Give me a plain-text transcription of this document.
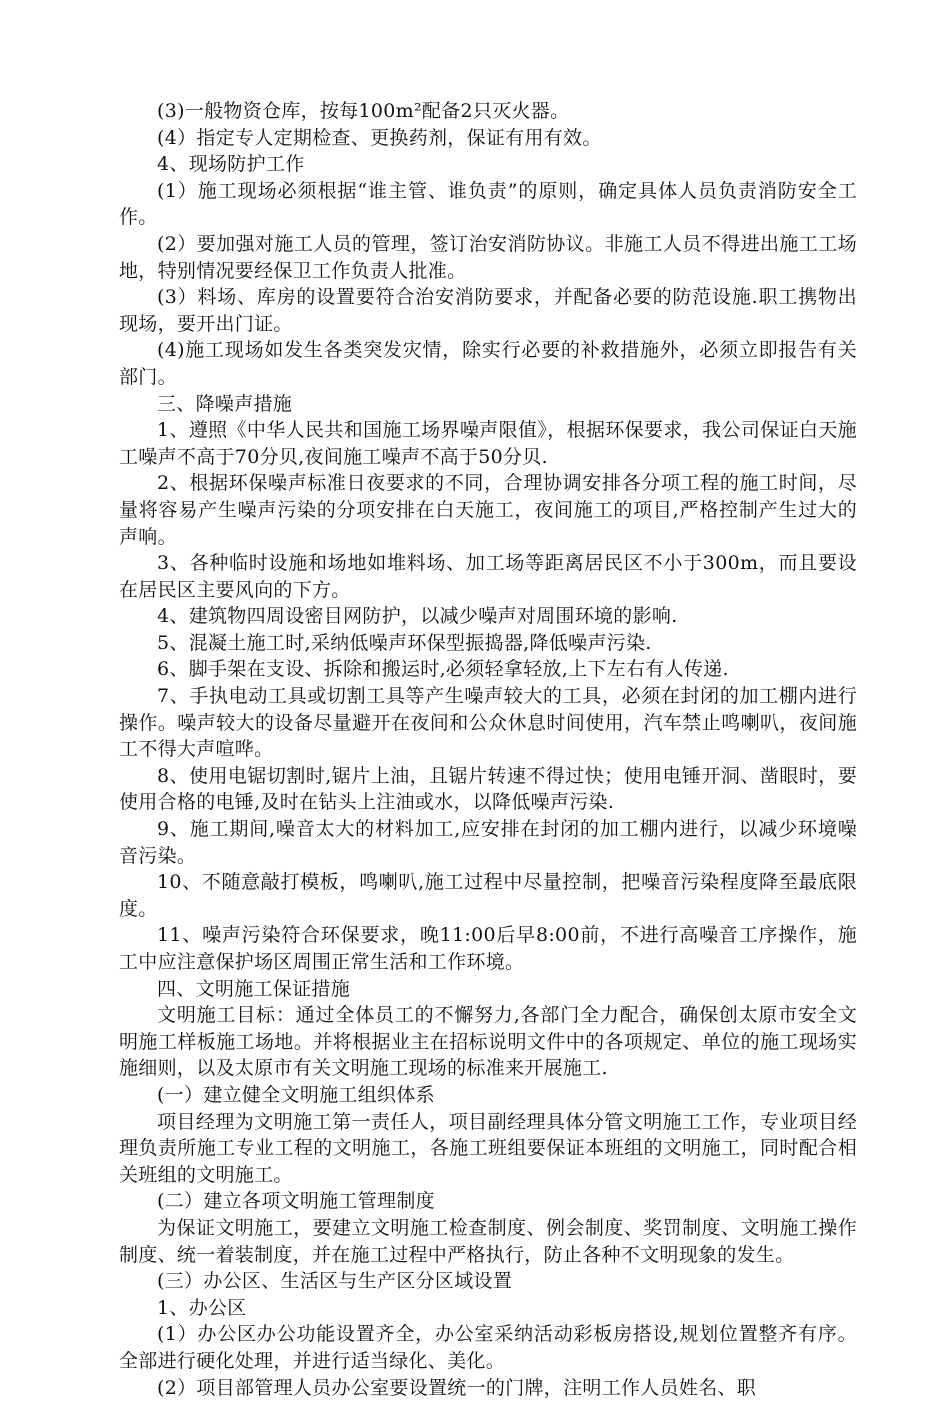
(3)一般物资仓库，按每100m²配备2只灭火器。

(4）指定专人定期检查、更换药剂，保证有用有效。

4、现场防护工作

(1）施工现场必须根据“谁主管、谁负责”的原则，确定具体人员负责消防安全工作。

(2）要加强对施工人员的管理，签订治安消防协议。非施工人员不得进出施工工场地，特别情况要经保卫工作负责人批准。

(3）料场、库房的设置要符合治安消防要求，并配备必要的防范设施.职工携物出现场，要开出门证。

(4)施工现场如发生各类突发灾情，除实行必要的补救措施外，必须立即报告有关部门。

三、降噪声措施

1、遵照《中华人民共和国施工场界噪声限值》，根据环保要求，我公司保证白天施工噪声不高于70分贝,夜间施工噪声不高于50分贝.

2、根据环保噪声标准日夜要求的不同，合理协调安排各分项工程的施工时间，尽量将容易产生噪声污染的分项安排在白天施工，夜间施工的项目,严格控制产生过大的声响。

3、各种临时设施和场地如堆料场、加工场等距离居民区不小于300m，而且要设在居民区主要风向的下方。

4、建筑物四周设密目网防护，以减少噪声对周围环境的影响.

5、混凝土施工时,采纳低噪声环保型振捣器,降低噪声污染.

6、脚手架在支设、拆除和搬运时,必须轻拿轻放,上下左右有人传递.

7、手执电动工具或切割工具等产生噪声较大的工具，必须在封闭的加工棚内进行操作。噪声较大的设备尽量避开在夜间和公众休息时间使用，汽车禁止鸣喇叭，夜间施工不得大声喧哗。

8、使用电锯切割时,锯片上油，且锯片转速不得过快；使用电锤开洞、凿眼时，要使用合格的电锤,及时在钻头上注油或水，以降低噪声污染.

9、施工期间,噪音太大的材料加工,应安排在封闭的加工棚内进行，以减少环境噪音污染。

10、不随意敲打模板，鸣喇叭,施工过程中尽量控制，把噪音污染程度降至最底限度。

11、噪声污染符合环保要求，晚11:00后早8:00前，不进行高噪音工序操作，施工中应注意保护场区周围正常生活和工作环境。

四、文明施工保证措施

文明施工目标：通过全体员工的不懈努力,各部门全力配合，确保创太原市安全文明施工样板施工场地。并将根据业主在招标说明文件中的各项规定、单位的施工现场实施细则，以及太原市有关文明施工现场的标准来开展施工.

(一）建立健全文明施工组织体系

项目经理为文明施工第一责任人，项目副经理具体分管文明施工工作，专业项目经理负责所施工专业工程的文明施工，各施工班组要保证本班组的文明施工，同时配合相关班组的文明施工。

(二）建立各项文明施工管理制度

为保证文明施工，要建立文明施工检查制度、例会制度、奖罚制度、文明施工操作制度、统一着装制度，并在施工过程中严格执行，防止各种不文明现象的发生。

(三）办公区、生活区与生产区分区域设置

1、办公区

(1）办公区办公功能设置齐全，办公室采纳活动彩板房搭设,规划位置整齐有序。全部进行硬化处理，并进行适当绿化、美化。

(2）项目部管理人员办公室要设置统一的门牌，注明工作人员姓名、职
